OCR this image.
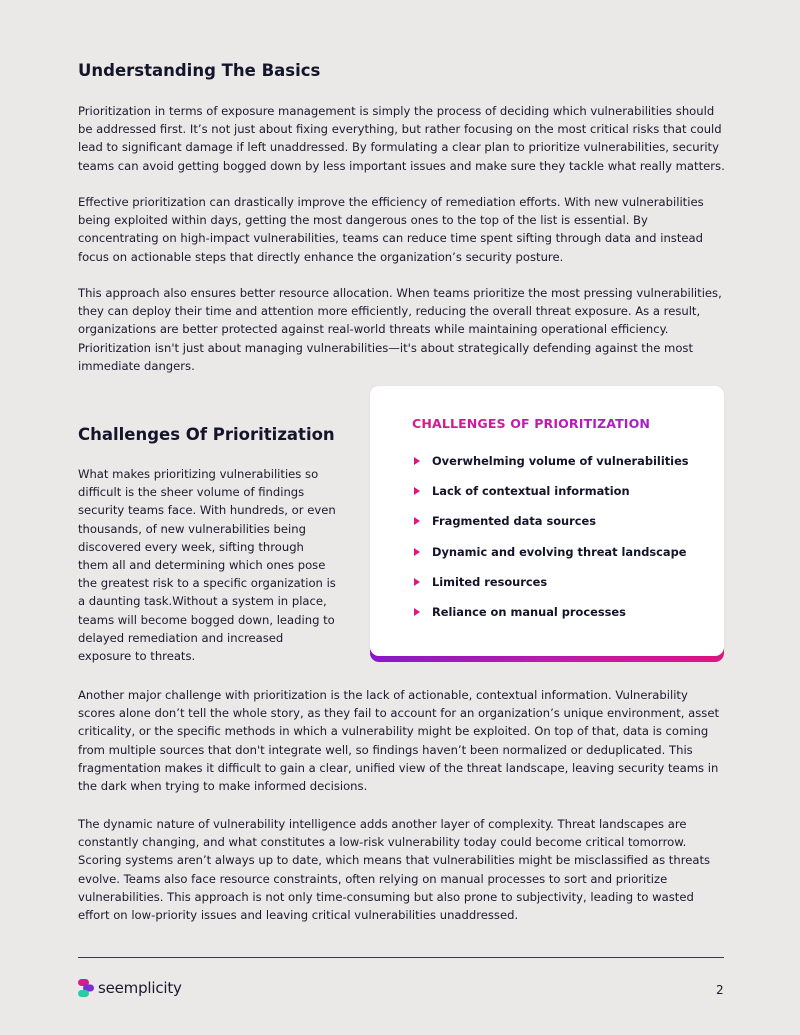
Understanding The Basics

Prioritization in terms of exposure management is simply the process of deciding which vulnerabilities should be addressed first. It’s not just about fixing everything, but rather focusing on the most critical risks that could lead to significant damage if left unaddressed. By formulating a clear plan to prioritize vulnerabilities, security teams can avoid getting bogged down by less important issues and make sure they tackle what really matters.

Effective prioritization can drastically improve the efficiency of remediation efforts. With new vulnerabilities being exploited within days, getting the most dangerous ones to the top of the list is essential. By concentrating on high-impact vulnerabilities, teams can reduce time spent sifting through data and instead focus on actionable steps that directly enhance the organization’s security posture.

This approach also ensures better resource allocation. When teams prioritize the most pressing vulnerabilities, they can deploy their time and attention more efficiently, reducing the overall threat exposure. As a result, organizations are better protected against real-world threats while maintaining operational efficiency. Prioritization isn't just about managing vulnerabilities—it's about strategically defending against the most immediate dangers.

Challenges Of Prioritization

What makes prioritizing vulnerabilities so difficult is the sheer volume of findings security teams face. With hundreds, or even thousands, of new vulnerabilities being discovered every week, sifting through them all and determining which ones pose the greatest risk to a specific organization is a daunting task.Without a system in place, teams will become bogged down, leading to delayed remediation and increased exposure to threats.

CHALLENGES OF PRIORITIZATION
Overwhelming volume of vulnerabilities
Lack of contextual information
Fragmented data sources
Dynamic and evolving threat landscape
Limited resources
Reliance on manual processes

Another major challenge with prioritization is the lack of actionable, contextual information. Vulnerability scores alone don’t tell the whole story, as they fail to account for an organization’s unique environment, asset criticality, or the specific methods in which a vulnerability might be exploited. On top of that, data is coming from multiple sources that don't integrate well, so findings haven’t been normalized or deduplicated. This fragmentation makes it difficult to gain a clear, unified view of the threat landscape, leaving security teams in the dark when trying to make informed decisions.

The dynamic nature of vulnerability intelligence adds another layer of complexity. Threat landscapes are constantly changing, and what constitutes a low-risk vulnerability today could become critical tomorrow. Scoring systems aren’t always up to date, which means that vulnerabilities might be misclassified as threats evolve. Teams also face resource constraints, often relying on manual processes to sort and prioritize vulnerabilities. This approach is not only time-consuming but also prone to subjectivity, leading to wasted effort on low-priority issues and leaving critical vulnerabilities unaddressed.

seemplicity	2
